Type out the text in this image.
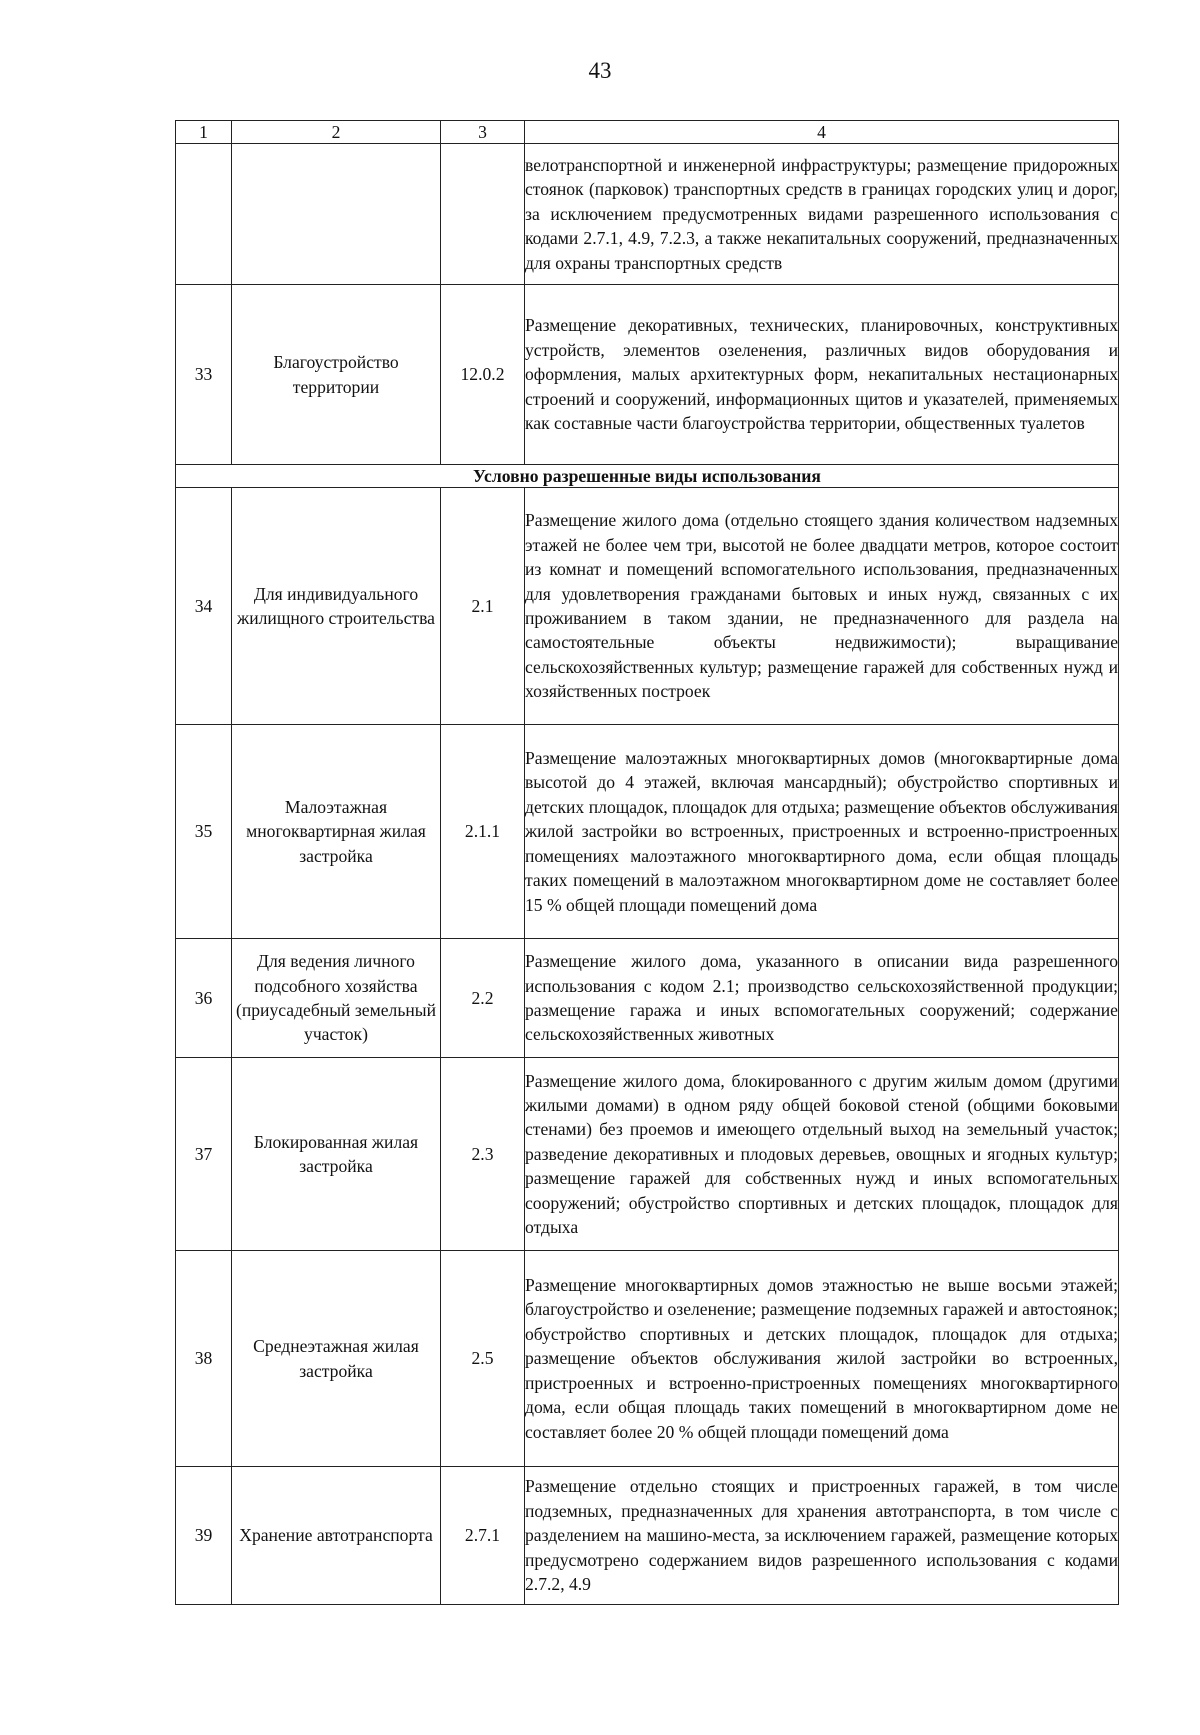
43
1	2	3	4
			велотранспортной и инженерной инфраструктуры; размещение придорожных стоянок (парковок) транспортных средств в границах городских улиц и дорог, за исключением предусмотренных видами разрешенного использования с кодами 2.7.1, 4.9, 7.2.3, а также некапитальных сооружений, предназначенных для охраны транспортных средств
33	Благоустройство территории	12.0.2	Размещение декоративных, технических, планировочных, конструктивных устройств, элементов озеленения, различных видов оборудования и оформления, малых архитектурных форм, некапитальных нестационарных строений и сооружений, информационных щитов и указателей, применяемых как составные части благоустройства территории, общественных туалетов
Условно разрешенные виды использования			
34	Для индивидуального жилищного строительства	2.1	Размещение жилого дома (отдельно стоящего здания количеством надземных этажей не более чем три, высотой не более двадцати метров, которое состоит из комнат и помещений вспомогательного использования, предназначенных для удовлетворения гражданами бытовых и иных нужд, связанных с их проживанием в таком здании, не предназначенного для раздела на самостоятельные объекты недвижимости); выращивание сельскохозяйственных культур; размещение гаражей для собственных нужд и хозяйственных построек
35	Малоэтажная многоквартирная жилая застройка	2.1.1	Размещение малоэтажных многоквартирных домов (многоквартирные дома высотой до 4 этажей, включая мансардный); обустройство спортивных и детских площадок, площадок для отдыха; размещение объектов обслуживания жилой застройки во встроенных, пристроенных и встроенно-пристроенных помещениях малоэтажного многоквартирного дома, если общая площадь таких помещений в малоэтажном многоквартирном доме не составляет более 15 % общей площади помещений дома
36	Для ведения личного подсобного хозяйства (приусадебный земельный участок)	2.2	Размещение жилого дома, указанного в описании вида разрешенного использования с кодом 2.1; производство сельскохозяйственной продукции; размещение гаража и иных вспомогательных сооружений; содержание сельскохозяйственных животных
37	Блокированная жилая застройка	2.3	Размещение жилого дома, блокированного с другим жилым домом (другими жилыми домами) в одном ряду общей боковой стеной (общими боковыми стенами) без проемов и имеющего отдельный выход на земельный участок; разведение декоративных и плодовых деревьев, овощных и ягодных культур; размещение гаражей для собственных нужд и иных вспомогательных сооружений; обустройство спортивных и детских площадок, площадок для отдыха
38	Среднеэтажная жилая застройка	2.5	Размещение многоквартирных домов этажностью не выше восьми этажей; благоустройство и озеленение; размещение подземных гаражей и автостоянок; обустройство спортивных и детских площадок, площадок для отдыха; размещение объектов обслуживания жилой застройки во встроенных, пристроенных и встроенно-пристроенных помещениях многоквартирного дома, если общая площадь таких помещений в многоквартирном доме не составляет более 20 % общей площади помещений дома
39	Хранение автотранспорта	2.7.1	Размещение отдельно стоящих и пристроенных гаражей, в том числе подземных, предназначенных для хранения автотранспорта, в том числе с разделением на машино-места, за исключением гаражей, размещение которых предусмотрено содержанием видов разрешенного использования с кодами 2.7.2, 4.9
